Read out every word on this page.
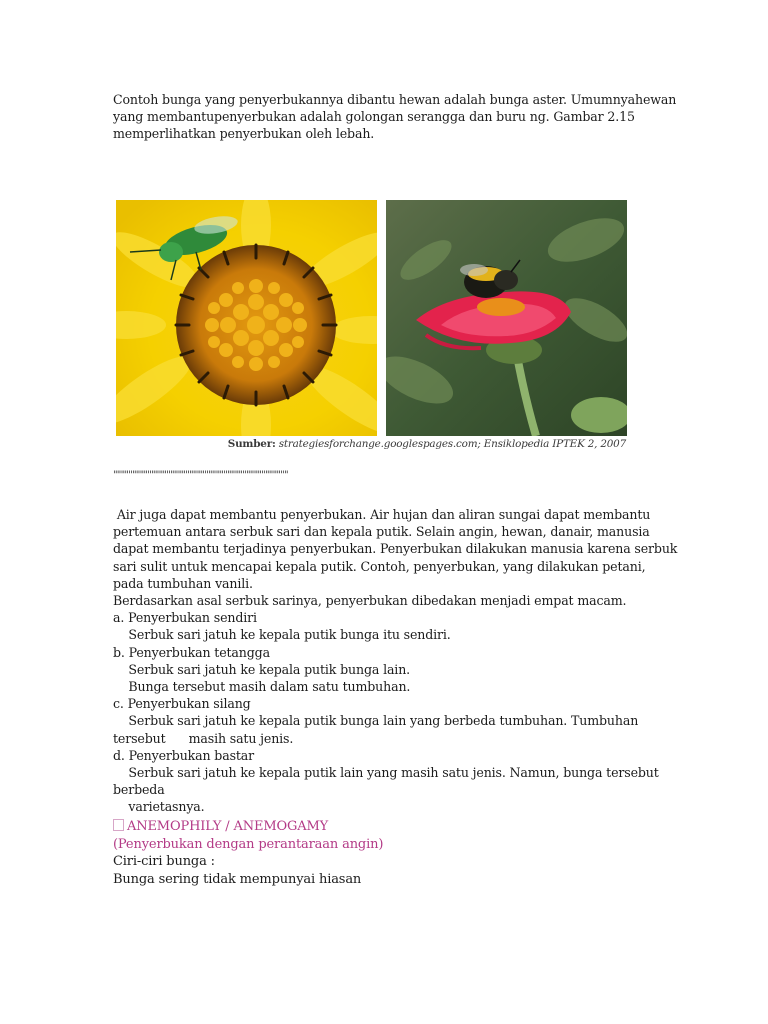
Contoh bunga yang penyerbukannya dibantu hewan adalah bunga aster. Umumnyahewan
yang membantupenyerbukan adalah golongan serangga dan buru ng. Gambar 2.15
memperlihatkan penyerbukan oleh lebah.
Sumber: strategiesforchange.googlespages.com; Ensiklopedia IPTEK 2, 2007
""""""""""""""""""""""""""""""""""""""""""""""
Air juga dapat membantu penyerbukan. Air hujan dan aliran sungai dapat membantu
pertemuan antara serbuk sari dan kepala putik. Selain angin, hewan, danair, manusia
dapat membantu terjadinya penyerbukan. Penyerbukan dilakukan manusia karena serbuk
sari sulit untuk mencapai kepala putik. Contoh, penyerbukan, yang dilakukan petani,
pada tumbuhan vanili.
Berdasarkan asal serbuk sarinya, penyerbukan dibedakan menjadi empat macam.
a. Penyerbukan sendiri
Serbuk sari jatuh ke kepala putik bunga itu sendiri.
b. Penyerbukan tetangga
Serbuk sari jatuh ke kepala putik bunga lain.
Bunga tersebut masih dalam satu tumbuhan.
c. Penyerbukan silang
Serbuk sari jatuh ke kepala putik bunga lain yang berbeda tumbuhan. Tumbuhan
tersebut      masih satu jenis.
d. Penyerbukan bastar
Serbuk sari jatuh ke kepala putik lain yang masih satu jenis. Namun, bunga tersebut
berbeda
varietasnya.
ANEMOPHILY / ANEMOGAMY
(Penyerbukan dengan perantaraan angin)
Ciri-ciri bunga :
Bunga sering tidak mempunyai hiasan
